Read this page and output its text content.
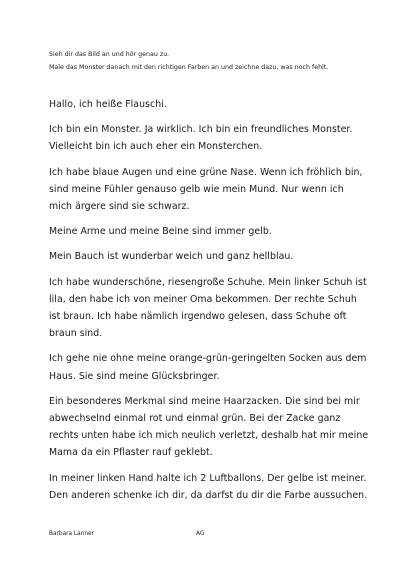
Sieh dir das Bild an und hör genau zu.
Male das Monster danach mit den richtigen Farben an und zeichne dazu, was noch fehlt.

Hallo, ich heiße Flauschi.

Ich bin ein Monster. Ja wirklich. Ich bin ein freundliches Monster. Vielleicht bin ich auch eher ein Monsterchen.

Ich habe blaue Augen und eine grüne Nase. Wenn ich fröhlich bin, sind meine Fühler genauso gelb wie mein Mund. Nur wenn ich mich ärgere sind sie schwarz.

Meine Arme und meine Beine sind immer gelb.

Mein Bauch ist wunderbar weich und ganz hellblau.

Ich habe wunderschöne, riesengroße Schuhe. Mein linker Schuh ist lila, den habe ich von meiner Oma bekommen. Der rechte Schuh ist braun. Ich habe nämlich irgendwo gelesen, dass Schuhe oft braun sind.

Ich gehe nie ohne meine orange-grün-geringelten Socken aus dem Haus. Sie sind meine Glücksbringer.

Ein besonderes Merkmal sind meine Haarzacken. Die sind bei mir abwechselnd einmal rot und einmal grün. Bei der Zacke ganz rechts unten habe ich mich neulich verletzt, deshalb hat mir meine Mama da ein Pflaster rauf geklebt.

In meiner linken Hand halte ich 2 Luftballons. Der gelbe ist meiner. Den anderen schenke ich dir, da darfst du dir die Farbe aussuchen.

Barbara Lanner	AG
